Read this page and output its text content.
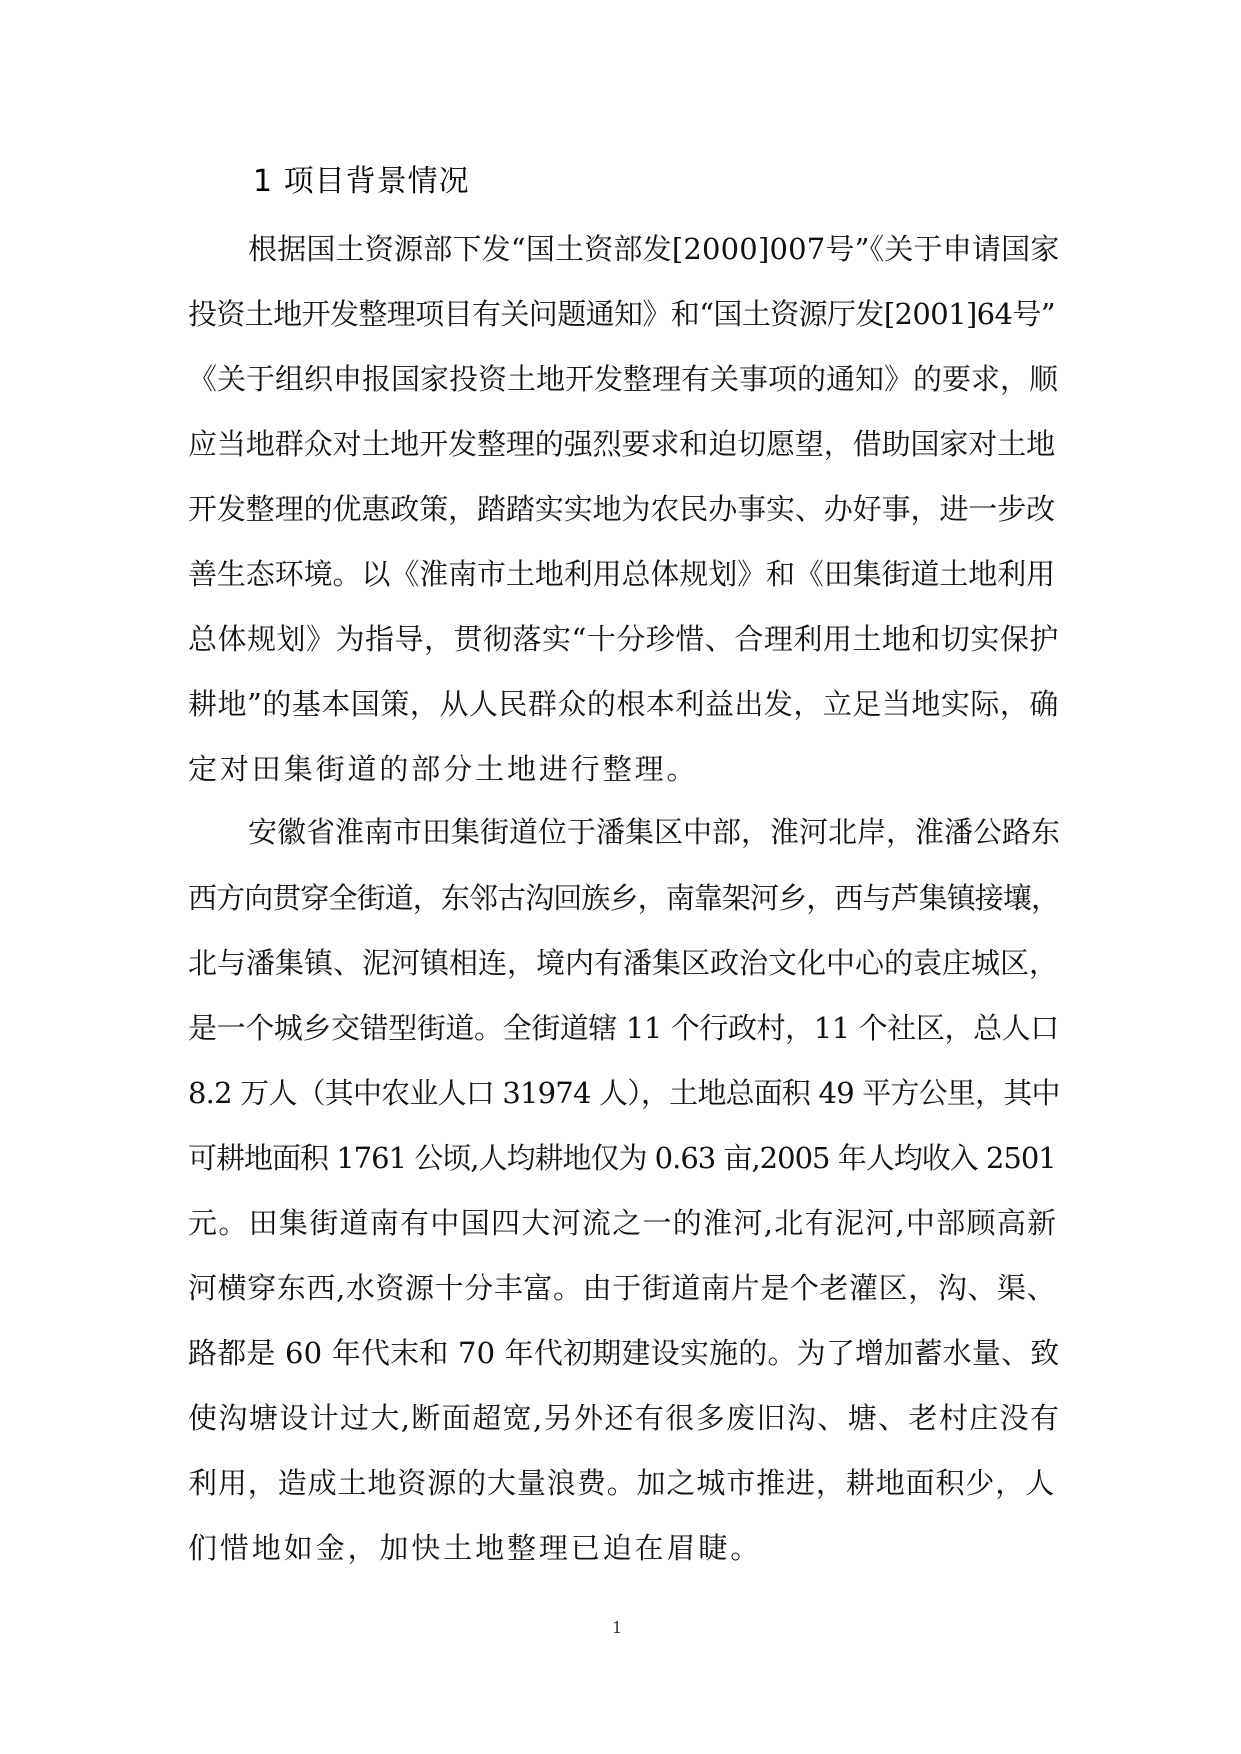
1 项目背景情况
根据国土资源部下发“国土资部发[2000]007号”《关于申请国家
投资土地开发整理项目有关问题通知》和“国土资源厅发[2001]64号”
《关于组织申报国家投资土地开发整理有关事项的通知》的要求，顺
应当地群众对土地开发整理的强烈要求和迫切愿望，借助国家对土地
开发整理的优惠政策，踏踏实实地为农民办事实、办好事，进一步改
善生态环境。以《淮南市土地利用总体规划》和《田集街道土地利用
总体规划》为指导，贯彻落实“十分珍惜、合理利用土地和切实保护
耕地”的基本国策，从人民群众的根本利益出发，立足当地实际，确
定对田集街道的部分土地进行整理。
安徽省淮南市田集街道位于潘集区中部，淮河北岸，淮潘公路东
西方向贯穿全街道，东邻古沟回族乡，南靠架河乡，西与芦集镇接壤，
北与潘集镇、泥河镇相连，境内有潘集区政治文化中心的袁庄城区，
是一个城乡交错型街道。全街道辖 11 个行政村，11 个社区，总人口
8.2 万人（其中农业人口 31974 人），土地总面积 49 平方公里，其中
可耕地面积 1761 公顷,人均耕地仅为 0.63 亩,2005 年人均收入 2501
元。田集街道南有中国四大河流之一的淮河,北有泥河,中部顾高新
河横穿东西,水资源十分丰富。由于街道南片是个老灌区，沟、渠、
路都是 60 年代末和 70 年代初期建设实施的。为了增加蓄水量、致
使沟塘设计过大,断面超宽,另外还有很多废旧沟、塘、老村庄没有
利用，造成土地资源的大量浪费。加之城市推进，耕地面积少，人
们惜地如金，加快土地整理已迫在眉睫。
1
